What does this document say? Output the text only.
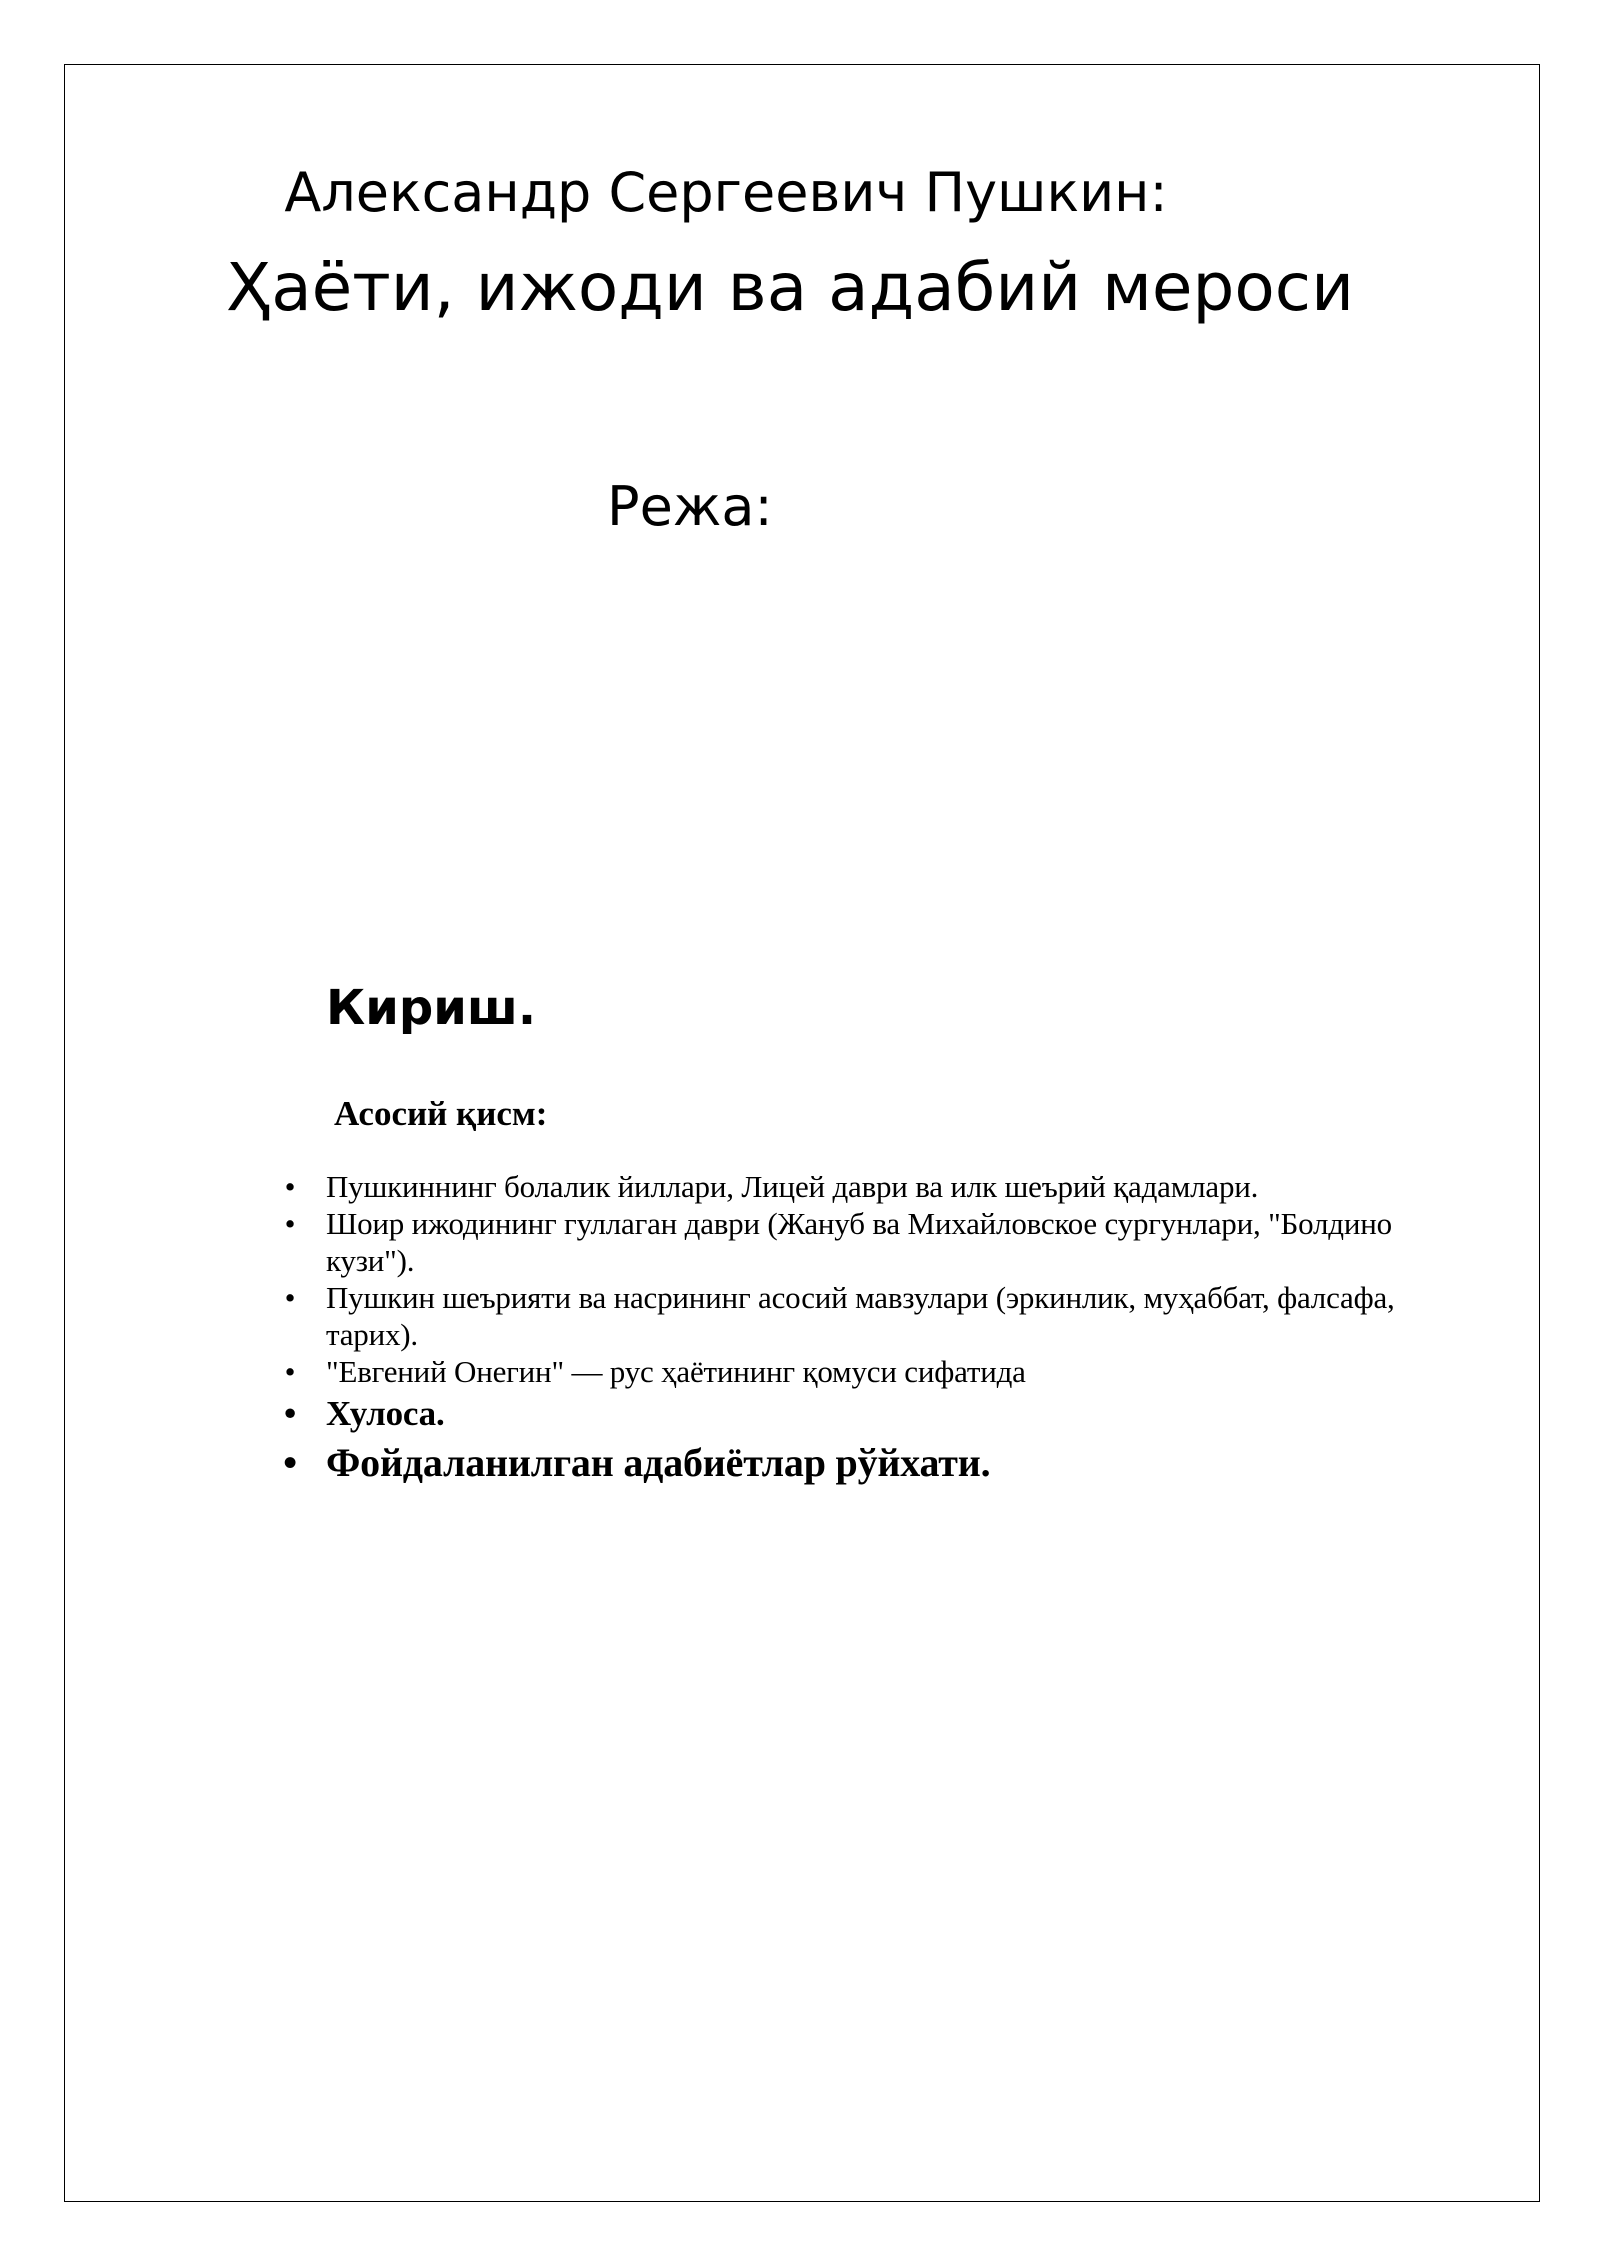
Александр Сергеевич Пушкин:
Ҳаёти, ижоди ва адабий мероси
Режа:
Кириш.
Асосий қисм:
• Пушкиннинг болалик йиллари, Лицей даври ва илк шеърий қадамлари.
• Шоир ижодининг гуллаган даври (Жануб ва Михайловское сургунлари, "Болдино кузи").
• Пушкин шеърияти ва насрининг асосий мавзулари (эркинлик, муҳаббат, фалсафа, тарих).
• "Евгений Онегин" — рус ҳаётининг қомуси сифатида
• Хулоса.
• Фойдаланилган адабиётлар рўйхати.
